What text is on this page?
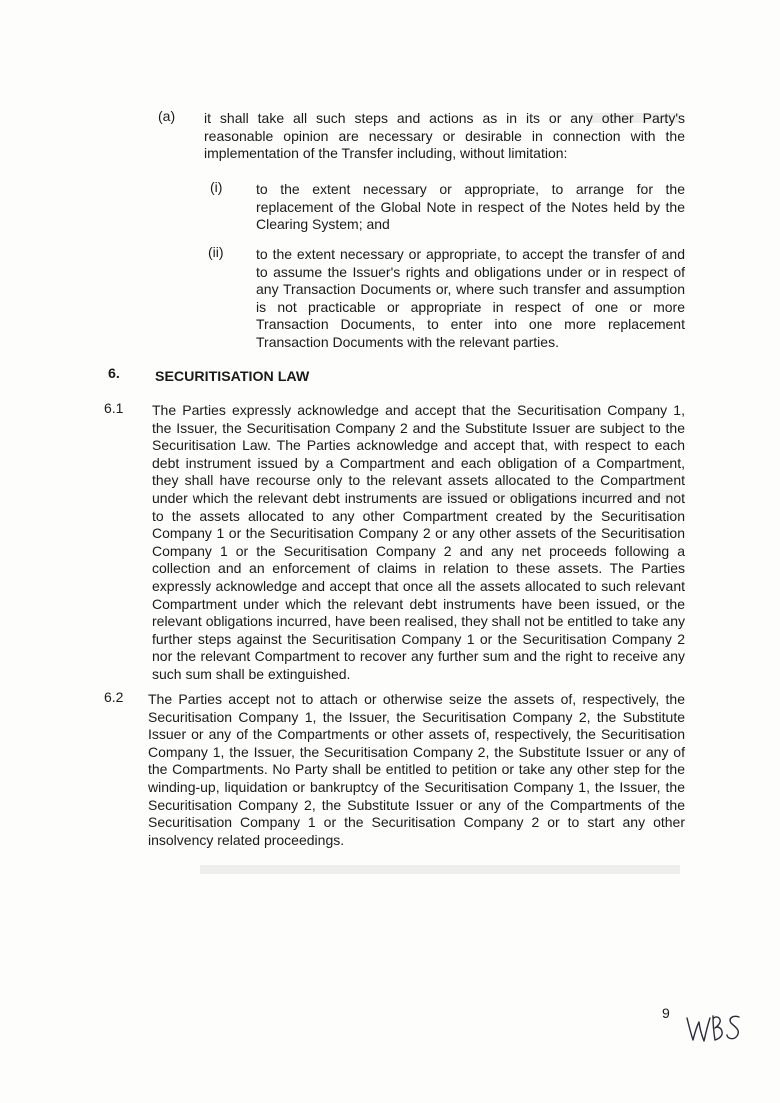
(a) it shall take all such steps and actions as in its or any other Party's reasonable opinion are necessary or desirable in connection with the implementation of the Transfer including, without limitation:

(i) to the extent necessary or appropriate, to arrange for the replacement of the Global Note in respect of the Notes held by the Clearing System; and

(ii) to the extent necessary or appropriate, to accept the transfer of and to assume the Issuer's rights and obligations under or in respect of any Transaction Documents or, where such transfer and assumption is not practicable or appropriate in respect of one or more Transaction Documents, to enter into one more replacement Transaction Documents with the relevant parties.

6. SECURITISATION LAW
6.1 The Parties expressly acknowledge and accept that the Securitisation Company 1, the Issuer, the Securitisation Company 2 and the Substitute Issuer are subject to the Securitisation Law. The Parties acknowledge and accept that, with respect to each debt instrument issued by a Compartment and each obligation of a Compartment, they shall have recourse only to the relevant assets allocated to the Compartment under which the relevant debt instruments are issued or obligations incurred and not to the assets allocated to any other Compartment created by the Securitisation Company 1 or the Securitisation Company 2 or any other assets of the Securitisation Company 1 or the Securitisation Company 2 and any net proceeds following a collection and an enforcement of claims in relation to these assets. The Parties expressly acknowledge and accept that once all the assets allocated to such relevant Compartment under which the relevant debt instruments have been issued, or the relevant obligations incurred, have been realised, they shall not be entitled to take any further steps against the Securitisation Company 1 or the Securitisation Company 2 nor the relevant Compartment to recover any further sum and the right to receive any such sum shall be extinguished.

6.2 The Parties accept not to attach or otherwise seize the assets of, respectively, the Securitisation Company 1, the Issuer, the Securitisation Company 2, the Substitute Issuer or any of the Compartments or other assets of, respectively, the Securitisation Company 1, the Issuer, the Securitisation Company 2, the Substitute Issuer or any of the Compartments. No Party shall be entitled to petition or take any other step for the winding-up, liquidation or bankruptcy of the Securitisation Company 1, the Issuer, the Securitisation Company 2, the Substitute Issuer or any of the Compartments of the Securitisation Company 1 or the Securitisation Company 2 or to start any other insolvency related proceedings.

9
